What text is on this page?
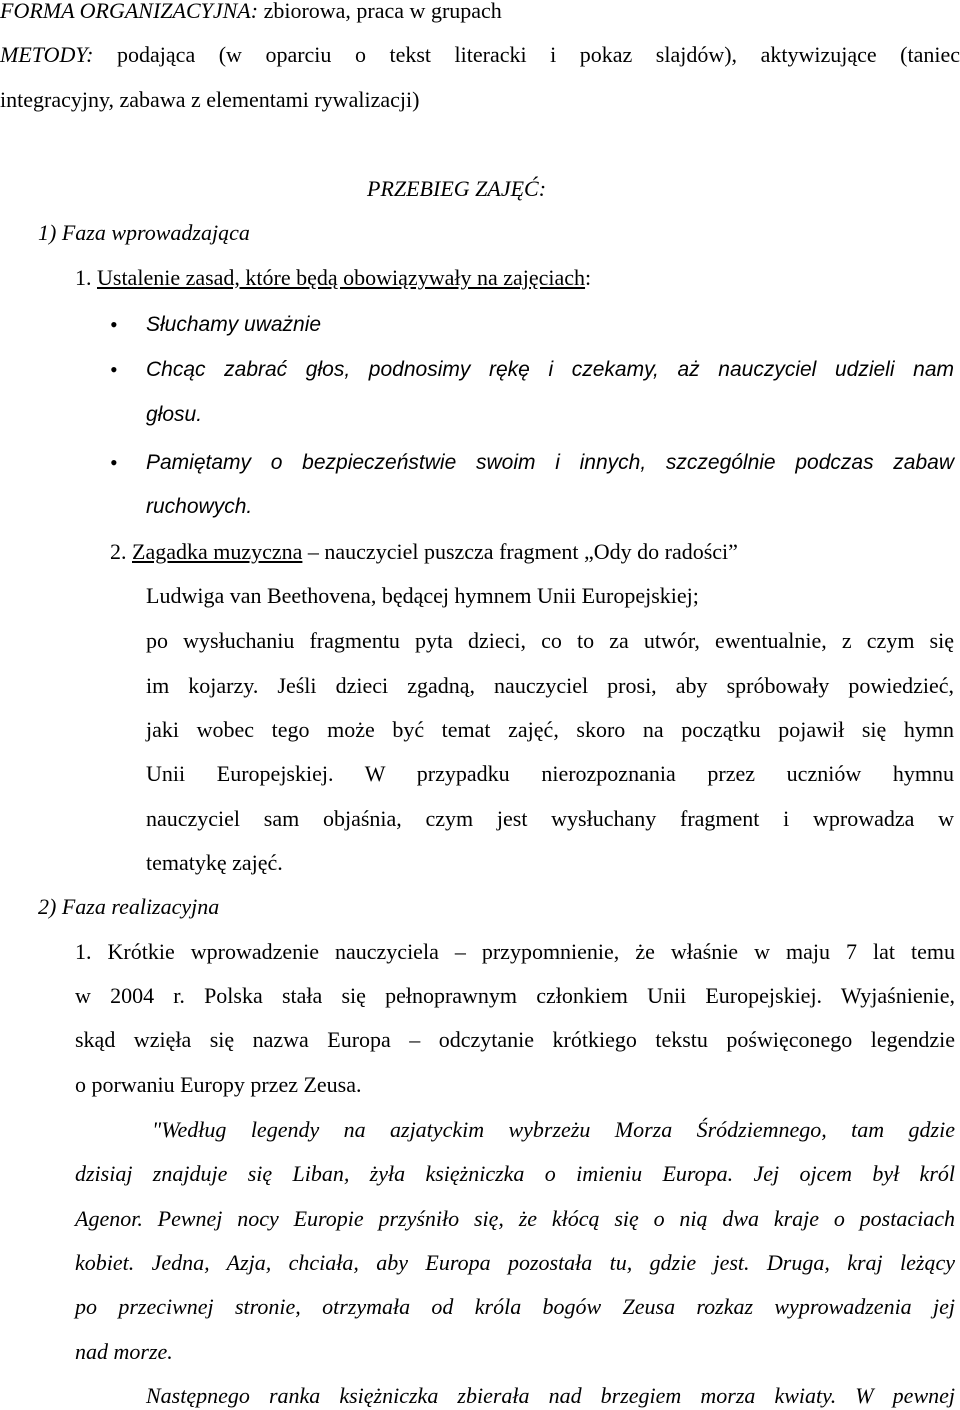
FORMA ORGANIZACYJNA: zbiorowa, praca w grupach
METODY: podająca (w oparciu o tekst literacki i pokaz slajdów), aktywizujące (taniec
integracyjny, zabawa z elementami rywalizacji)
PRZEBIEG ZAJĘĆ:
1) Faza wprowadzająca
1. Ustalenie zasad, które będą obowiązywały na zajęciach:
• Słuchamy uważnie
• Chcąc zabrać głos, podnosimy rękę i czekamy, aż nauczyciel udzieli nam
głosu.
• Pamiętamy o bezpieczeństwie swoim i innych, szczególnie podczas zabaw
ruchowych.
2. Zagadka muzyczna – nauczyciel puszcza fragment „Ody do radości”
Ludwiga van Beethovena, będącej hymnem Unii Europejskiej;
po wysłuchaniu fragmentu pyta dzieci, co to za utwór, ewentualnie, z czym się
im kojarzy. Jeśli dzieci zgadną, nauczyciel prosi, aby spróbowały powiedzieć,
jaki wobec tego może być temat zajęć, skoro na początku pojawił się hymn
Unii Europejskiej. W przypadku nierozpoznania przez uczniów hymnu
nauczyciel sam objaśnia, czym jest wysłuchany fragment i wprowadza w
tematykę zajęć.
2) Faza realizacyjna
1. Krótkie wprowadzenie nauczyciela – przypomnienie, że właśnie w maju 7 lat temu
w 2004 r. Polska stała się pełnoprawnym członkiem Unii Europejskiej. Wyjaśnienie,
skąd wzięła się nazwa Europa – odczytanie krótkiego tekstu poświęconego legendzie
o porwaniu Europy przez Zeusa.
"Według legendy na azjatyckim wybrzeżu Morza Śródziemnego, tam gdzie
dzisiaj znajduje się Liban, żyła księżniczka o imieniu Europa. Jej ojcem był król
Agenor. Pewnej nocy Europie przyśniło się, że kłócą się o nią dwa kraje o postaciach
kobiet. Jedna, Azja, chciała, aby Europa pozostała tu, gdzie jest. Druga, kraj leżący
po przeciwnej stronie, otrzymała od króla bogów Zeusa rozkaz wyprowadzenia jej
nad morze.
Następnego ranka księżniczka zbierała nad brzegiem morza kwiaty. W pewnej
